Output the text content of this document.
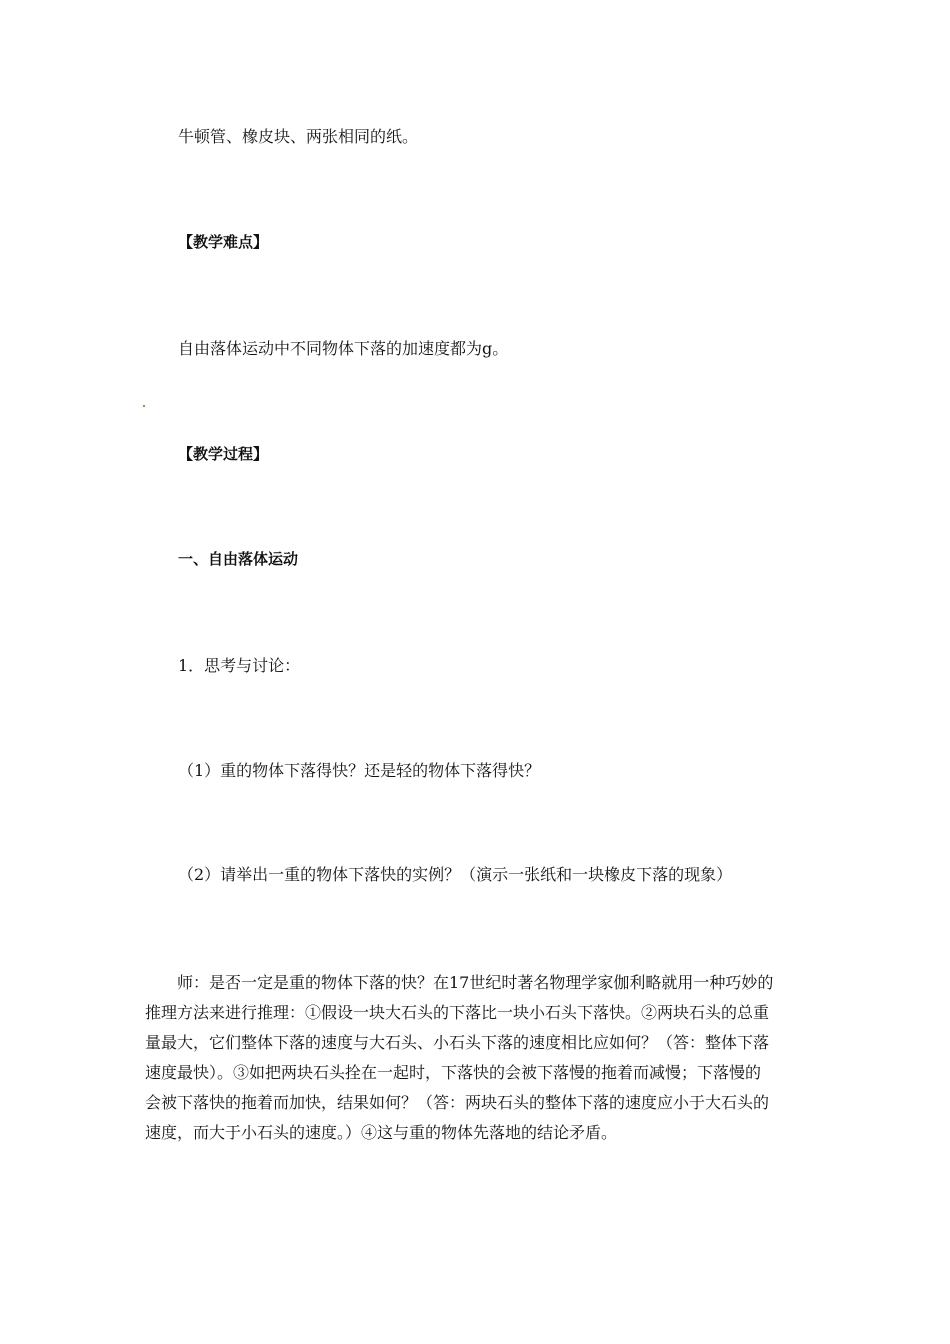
牛顿管、橡皮块、两张相同的纸。
【教学难点】
自由落体运动中不同物体下落的加速度都为g。
【教学过程】
一、自由落体运动
1．思考与讨论：
（1）重的物体下落得快？还是轻的物体下落得快？
（2）请举出一重的物体下落快的实例？（演示一张纸和一块橡皮下落的现象）

师：是否一定是重的物体下落的快？在17世纪时著名物理学家伽利略就用一种巧妙的

推理方法来进行推理：①假设一块大石头的下落比一块小石头下落快。②两块石头的总重

量最大，它们整体下落的速度与大石头、小石头下落的速度相比应如何？（答：整体下落

速度最快）。③如把两块石头拴在一起时，下落快的会被下落慢的拖着而减慢；下落慢的

会被下落快的拖着而加快，结果如何？（答：两块石头的整体下落的速度应小于大石头的

速度，而大于小石头的速度。）④这与重的物体先落地的结论矛盾。
